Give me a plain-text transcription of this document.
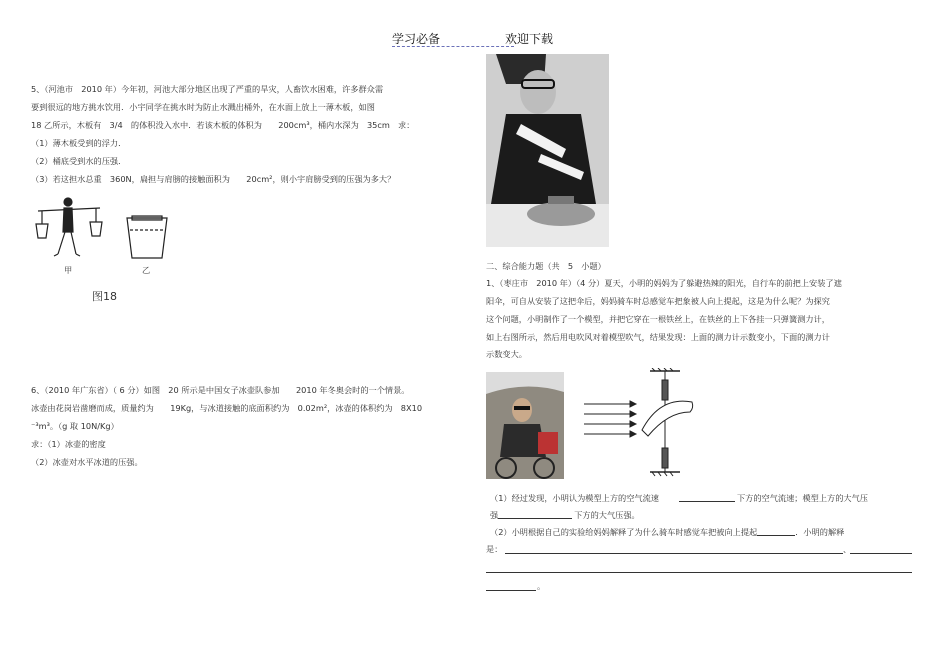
学习必备	欢迎下载
5、（河池市　2010 年）今年初，河池大部分地区出现了严重的旱灾，人畜饮水困难，许多群众需
要到很远的地方挑水饮用．小宇同学在挑水时为防止水溅出桶外，在水面上放上一薄木板，如图
18 乙所示，木板有　3/4　的体积没入水中．若该木板的体积为　　200cm³，桶内水深为　35cm　求：
（1）薄木板受到的浮力．
（2）桶底受到水的压强．
（3）若这担水总重　360N，扁担与肩膀的接触面积为　　20cm²，则小宇肩膀受到的压强为多大？
甲	乙
图18
6、（2010 年广东省）（ 6 分）如图　20 所示是中国女子冰壶队参加　　2010 年冬奥会时的一个情景。
冰壶由花岗岩凿磨而成，质量约为　　19Kg，与冰道接触的底面积约为　0.02m²，冰壶的体积约为　8X10
⁻³m³。（g 取 10N/Kg）
求：（1）冰壶的密度
（2）冰壶对水平冰道的压强。
二、综合能力题（共　5　小题）
1、（枣庄市　2010 年）（4 分）夏天，小明的妈妈为了躲避热辣的阳光，自行车的前把上安装了遮
阳伞，可自从安装了这把伞后，妈妈骑车时总感觉车把象被人向上提起，这是为什么呢？为探究
这个问题，小明制作了一个模型，并把它穿在一根铁丝上，在铁丝的上下各挂一只弹簧测力计，
如上右图所示，然后用电吹风对着模型吹气，结果发现：上面的测力计示数变小，下面的测力计
示数变大。
（1）经过发现，小明认为模型上方的空气流速	下方的空气流速；模型上方的大气压
强	下方的大气压强。
（2）小明根据自己的实验给妈妈解释了为什么骑车时感觉车把被向上提起	．小明的解释
是：	、
。
